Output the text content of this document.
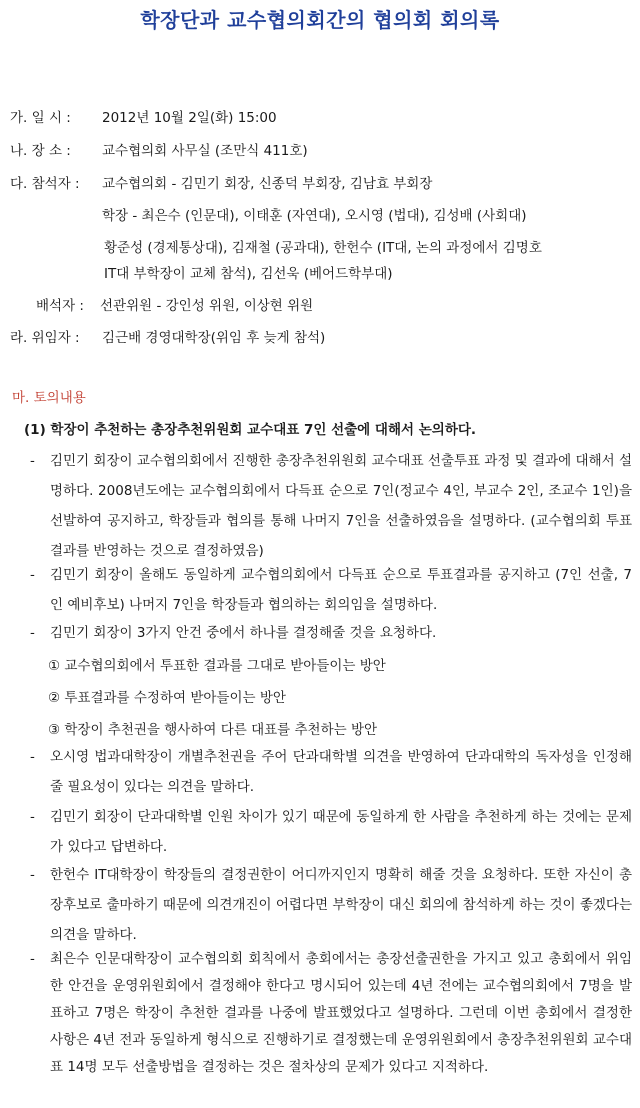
학장단과 교수협의회간의 협의회 회의록
가. 일 시 : 2012년 10월 2일(화) 15:00
나. 장 소 : 교수협의회 사무실 (조만식 411호)
다. 참석자 : 교수협의회 - 김민기 회장, 신종덕 부회장, 김남효 부회장
학장 - 최은수 (인문대), 이태훈 (자연대), 오시영 (법대), 김성배 (사회대)
황준성 (경제통상대), 김재철 (공과대), 한헌수 (IT대, 논의 과정에서 김명호
IT대 부학장이 교체 참석), 김선욱 (베어드학부대)
배석자 : 선관위원 - 강인성 위원, 이상현 위원
라. 위임자 : 김근배 경영대학장(위임 후 늦게 참석)
마. 토의내용
(1) 학장이 추천하는 총장추천위원회 교수대표 7인 선출에 대해서 논의하다.
-	김민기 회장이 교수협의회에서 진행한 총장추천위원회 교수대표 선출투표 과정 및 결과에 대해서 설명하다. 2008년도에는 교수협의회에서 다득표 순으로 7인(정교수 4인, 부교수 2인, 조교수 1인)을 선발하여 공지하고, 학장들과 협의를 통해 나머지 7인을 선출하였음을 설명하다. (교수협의회 투표결과를 반영하는 것으로 결정하였음)
-	김민기 회장이 올해도 동일하게 교수협의회에서 다득표 순으로 투표결과를 공지하고 (7인 선출, 7인 예비후보) 나머지 7인을 학장들과 협의하는 회의임을 설명하다.
-	김민기 회장이 3가지 안건 중에서 하나를 결정해줄 것을 요청하다.
① 교수협의회에서 투표한 결과를 그대로 받아들이는 방안
② 투표결과를 수정하여 받아들이는 방안
③ 학장이 추천권을 행사하여 다른 대표를 추천하는 방안
-	오시영 법과대학장이 개별추천권을 주어 단과대학별 의견을 반영하여 단과대학의 독자성을 인정해줄 필요성이 있다는 의견을 말하다.
-	김민기 회장이 단과대학별 인원 차이가 있기 때문에 동일하게 한 사람을 추천하게 하는 것에는 문제가 있다고 답변하다.
-	한헌수 IT대학장이 학장들의 결정권한이 어디까지인지 명확히 해줄 것을 요청하다. 또한 자신이 총장후보로 출마하기 때문에 의견개진이 어렵다면 부학장이 대신 회의에 참석하게 하는 것이 좋겠다는 의견을 말하다.
-	최은수 인문대학장이 교수협의회 회칙에서 총회에서는 총장선출권한을 가지고 있고 총회에서 위임한 안건을 운영위원회에서 결정해야 한다고 명시되어 있는데 4년 전에는 교수협의회에서 7명을 발표하고 7명은 학장이 추천한 결과를 나중에 발표했었다고 설명하다. 그런데 이번 총회에서 결정한 사항은 4년 전과 동일하게 형식으로 진행하기로 결정했는데 운영위원회에서 총장추천위원회 교수대표 14명 모두 선출방법을 결정하는 것은 절차상의 문제가 있다고 지적하다.
